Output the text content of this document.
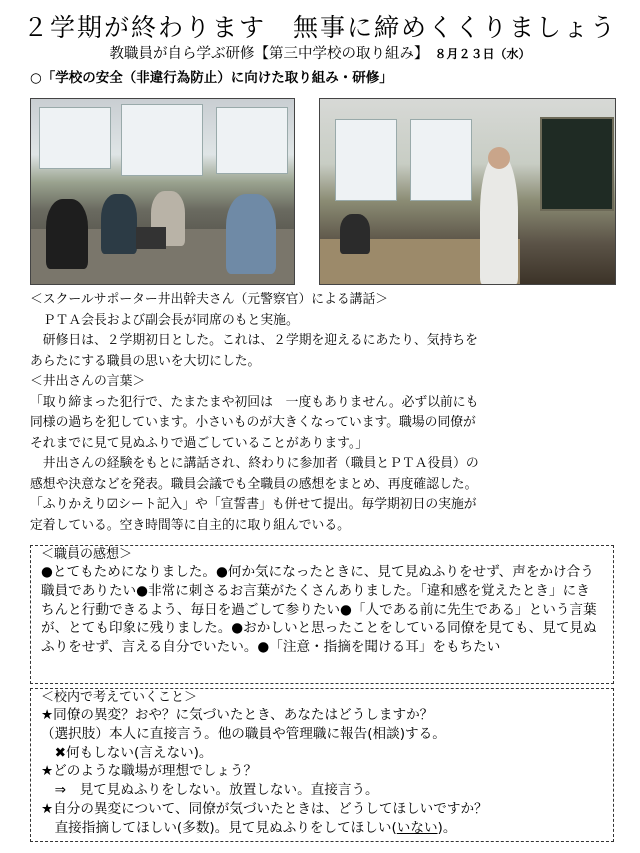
２学期が終わります　無事に締めくくりましょう
教職員が自ら学ぶ研修【第三中学校の取り組み】 ８月２３日（水）
○「学校の安全（非違行為防止）に向けた取り組み・研修」

＜スクールサポーター井出幹夫さん（元警察官）による講話＞

　ＰＴＡ会長および副会長が同席のもと実施。

　研修日は、２学期初日とした。これは、２学期を迎えるにあたり、気持ちを

あらたにする職員の思いを大切にした。

＜井出さんの言葉＞

「取り締まった犯行で、たまたまや初回は　一度もありません。必ず以前にも

同様の過ちを犯しています。小さいものが大きくなっています。職場の同僚が

それまでに見て見ぬふりで過ごしていることがあります。」

　井出さんの経験をもとに講話され、終わりに参加者（職員とＰＴＡ役員）の

感想や決意などを発表。職員会議でも全職員の感想をまとめ、再度確認した。

「ふりかえり☑シート記入」や「宣誓書」も併せて提出。毎学期初日の実施が

定着している。空き時間等に自主的に取り組んでいる。

＜職員の感想＞

●とてもためになりました。●何か気になったときに、見て見ぬふりをせず、声をかけ合う職員でありたい●非常に刺さるお言葉がたくさんありました。「違和感を覚えたとき」にきちんと行動できるよう、毎日を過ごして参りたい●「人である前に先生である」という言葉が、とても印象に残りました。●おかしいと思ったことをしている同僚を見ても、見て見ぬふりをせず、言える自分でいたい。●「注意・指摘を聞ける耳」をもちたい

＜校内で考えていくこと＞

★同僚の異変？おや？に気づいたとき、あなたはどうしますか？

（選択肢）本人に直接言う。他の職員や管理職に報告(相談)する。

　✖何もしない(言えない)。

★どのような職場が理想でしょう？

　⇒　見て見ぬふりをしない。放置しない。直接言う。

★自分の異変について、同僚が気づいたときは、どうしてほしいですか？

　直接指摘してほしい(多数)。見て見ぬふりをしてほしい(いない)。
